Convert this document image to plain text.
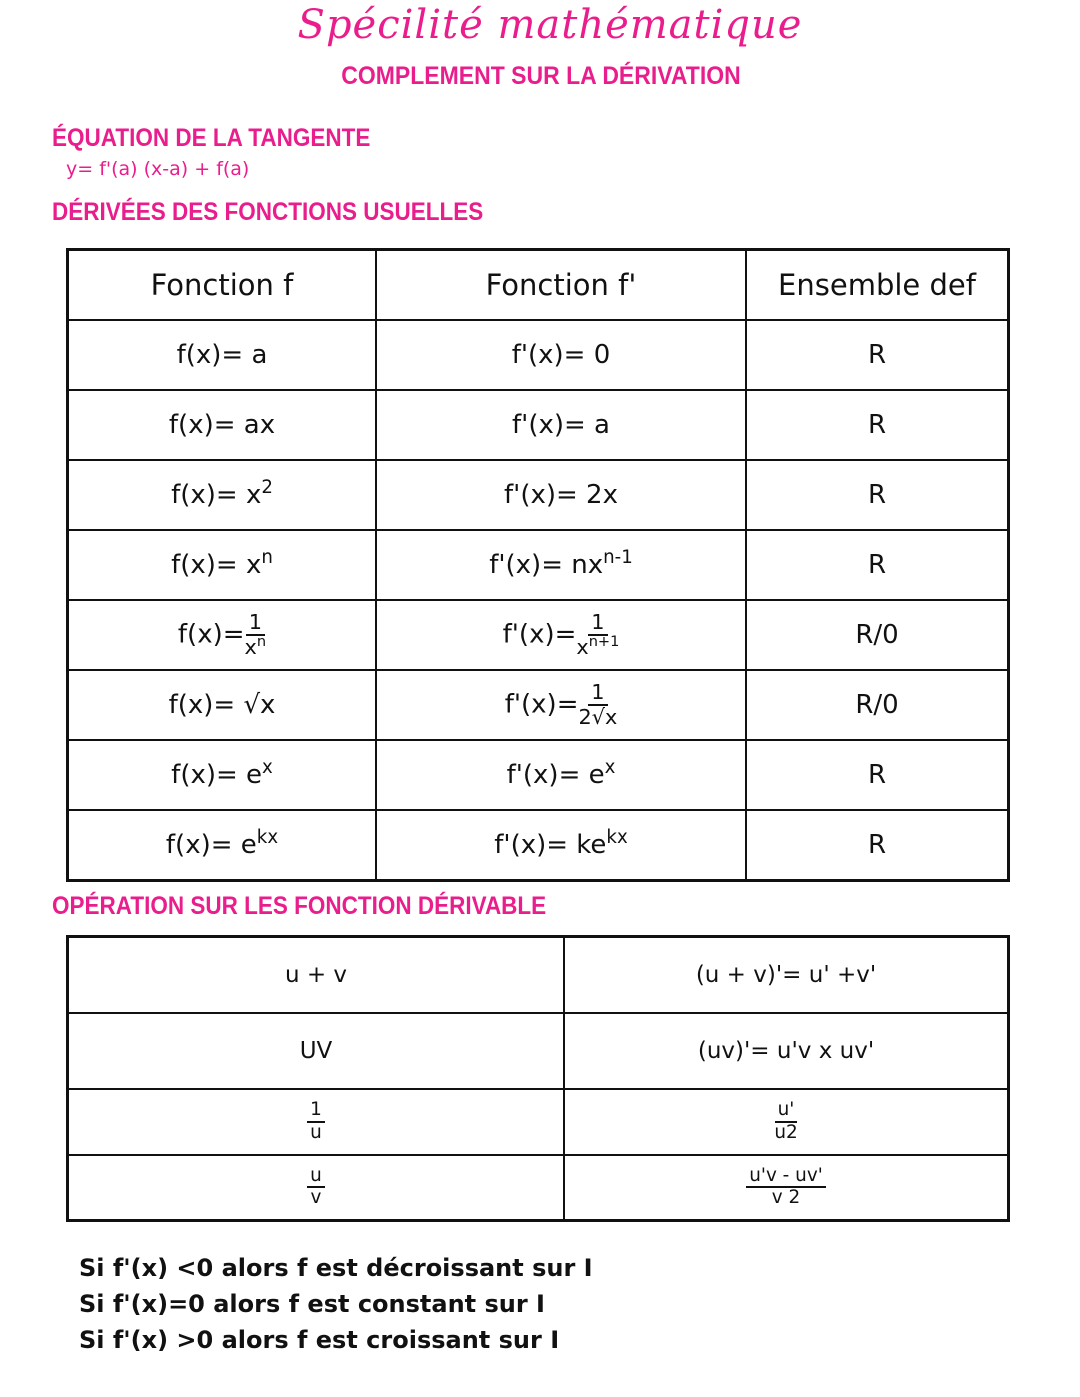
Spécilité mathématique
COMPLEMENT SUR LA DÉRIVATION
ÉQUATION DE LA TANGENTE
y= f'(a) (x-a) + f(a)
DÉRIVÉES DES FONCTIONS USUELLES
Fonction f	Fonction f'	Ensemble def
f(x)= a	f'(x)= 0	R
f(x)= ax	f'(x)= a	R
$f(x)= x^2$	f'(x)= 2x	R
$f(x)= x^n$	$f'(x)= nx^{n-1}$	R
$f(x)= \frac{1}{x^n}$	$f'(x)= \frac{1}{x^{n+1}}$	R/0
f(x)= √x	$f'(x)= \frac{1}{2√x}$	R/0
$f(x)= e^x$	$f'(x)= e^x$	R
$f(x)= e^{kx}$	$f'(x)= ke^{kx}$	R
OPÉRATION SUR LES FONCTION DÉRIVABLE
u + v	(u + v)'= u' +v'
UV	(uv)'= u'v x uv'

$\frac{1}{u}$	$\frac{u'}{u2}$

$\frac{u}{v}$	$\frac{u'v - uv'}{v 2}$
Si f'(x) <0 alors f est décroissant sur I
Si f'(x)=0 alors f est constant sur I
Si f'(x) >0 alors f est croissant sur I
